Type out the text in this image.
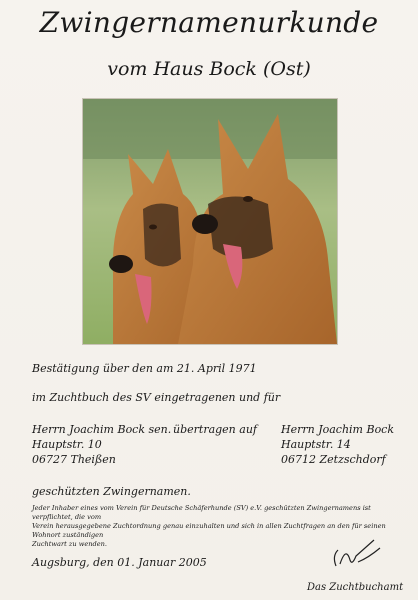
Zwingernamenurkunde
vom Haus Bock (Ost)
Bestätigung über den am 21. April 1971
im Zuchtbuch des SV eingetragenen und für
Herrn Joachim Bock sen.
Hauptstr. 10
06727 Theißen
übertragen auf Herrn Joachim Bock
Hauptstr. 14
06712 Zetzschdorf
geschützten Zwingernamen.
Jeder Inhaber eines vom Verein für Deutsche Schäferhunde (SV) e.V. geschützten Zwingernamens ist verpflichtet, die vom
Verein herausgegebene Zuchtordnung genau einzuhalten und sich in allen Zuchtfragen an den für seinen Wohnort zuständigen
Zuchtwart zu wenden.
Augsburg, den 01. Januar 2005
Das Zuchtbuchamt
